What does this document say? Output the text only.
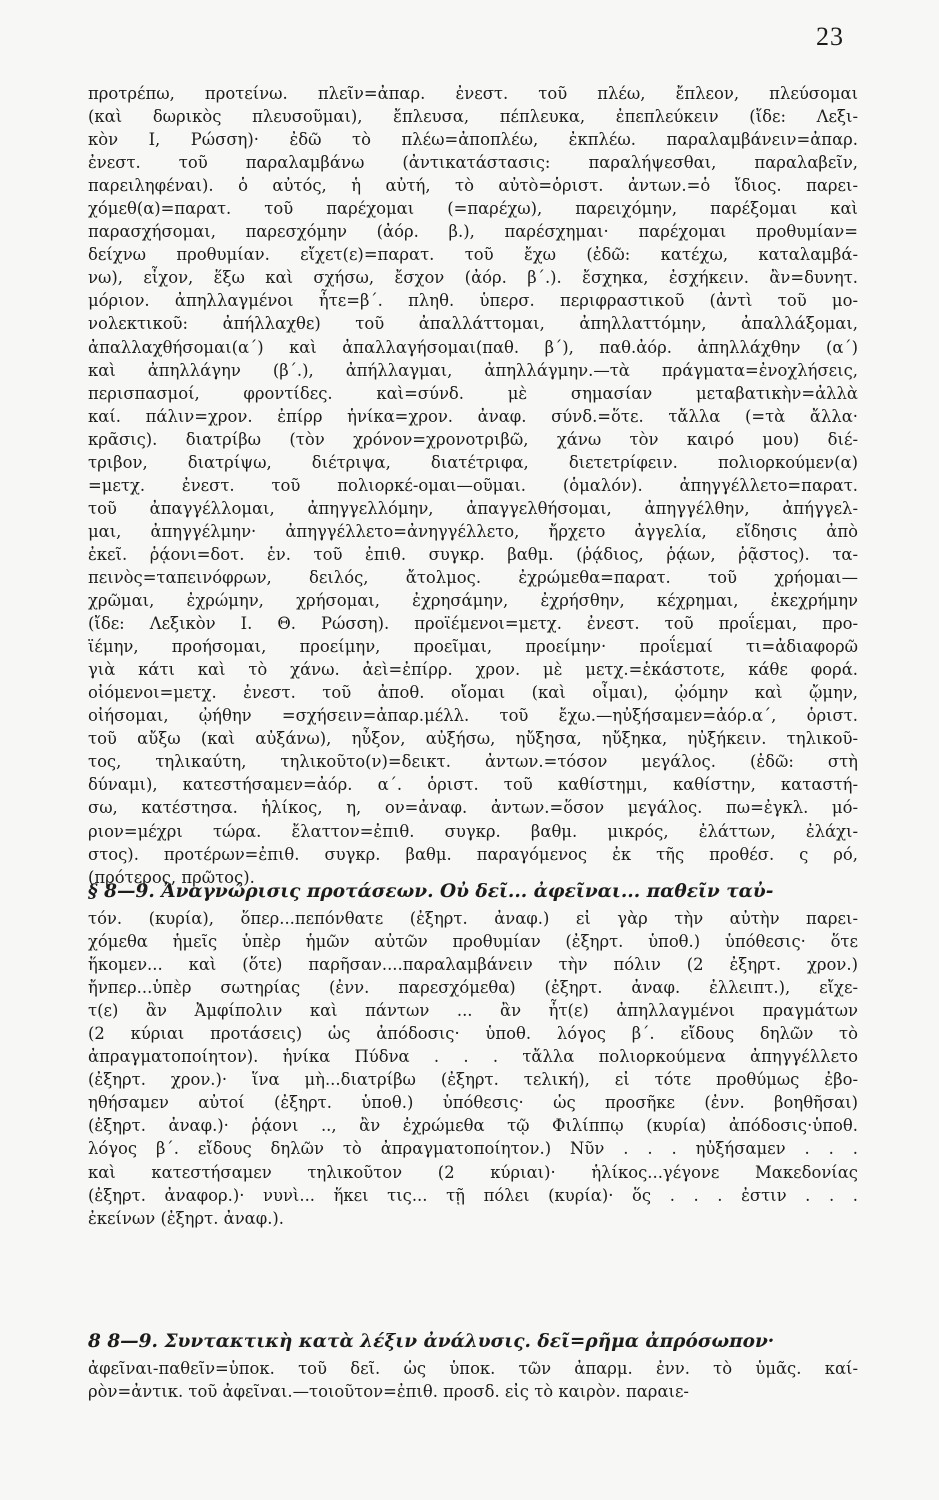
23
προτρέπω, προτείνω. πλεῖν=ἀπαρ. ἐνεστ. τοῦ πλέω, ἔπλεον, πλεύσομαι
(καὶ δωρικὸς πλευσοῦμαι), ἔπλευσα, πέπλευκα, ἐπεπλεύκειν (ἴδε: Λεξι-
κὸν Ι, Ρώσση)· ἐδῶ τὸ πλέω=ἀποπλέω, ἐκπλέω. παραλαμβάνειν=ἀπαρ.
ἐνεστ. τοῦ παραλαμβάνω (ἀντικατάστασις: παραλήψεσθαι, παραλαβεῖν,
παρειληφέναι). ὁ αὐτός, ἡ αὐτή, τὸ αὐτὸ=ὁριστ. ἀντων.=ὁ ἴδιος. παρει-
χόμεθ(α)=παρατ. τοῦ παρέχομαι (=παρέχω), παρειχόμην, παρέξομαι καὶ
παρασχήσομαι, παρεσχόμην (ἀόρ. β.), παρέσχημαι· παρέχομαι προθυμίαν=
δείχνω προθυμίαν. εἴχετ(ε)=παρατ. τοῦ ἔχω (ἐδῶ: κατέχω, καταλαμβά-
νω), εἶχον, ἕξω καὶ σχήσω, ἔσχον (ἀόρ. β΄.). ἔσχηκα, ἐσχήκειν. ἂν=δυνητ.
μόριον. ἀπηλλαγμένοι ἦτε=β΄. πληθ. ὑπερσ. περιφραστικοῦ (ἀντὶ τοῦ μο-
νολεκτικοῦ: ἀπήλλαχθε) τοῦ ἀπαλλάττομαι, ἀπηλλαττόμην, ἀπαλλάξομαι,
ἀπαλλαχθήσομαι(α΄) καὶ ἀπαλλαγήσομαι(παθ. β΄), παθ.ἀόρ. ἀπηλλάχθην (α΄)
καὶ ἀπηλλάγην (β΄.), ἀπήλλαγμαι, ἀπηλλάγμην.—τὰ πράγματα=ἐνοχλήσεις,
περισπασμοί, φροντίδες. καὶ=σύνδ. μὲ σημασίαν μεταβατικὴν=ἀλλὰ
καί. πάλιν=χρον. ἐπίρρ ἡνίκα=χρον. ἀναφ. σύνδ.=ὅτε. τἄλλα (=τὰ ἄλλα·
κρᾶσις). διατρίβω (τὸν χρόνον=χρονοτριβῶ, χάνω τὸν καιρό μου) διέ-
τριβον, διατρίψω, διέτριψα, διατέτριφα, διετετρίφειν. πολιορκούμεν(α)
=μετχ. ἐνεστ. τοῦ πολιορκέ-ομαι—οῦμαι. (ὁμαλόν). ἀπηγγέλλετο=παρατ.
τοῦ ἀπαγγέλλομαι, ἀπηγγελλόμην, ἀπαγγελθήσομαι, ἀπηγγέλθην, ἀπήγγελ-
μαι, ἀπηγγέλμην· ἀπηγγέλλετο=ἀνηγγέλλετο, ἤρχετο ἀγγελία, εἴδησις ἀπὸ
ἐκεῖ. ῥᾴονι=δοτ. ἑν. τοῦ ἐπιθ. συγκρ. βαθμ. (ῥᾴδιος, ῥᾴων, ῥᾷστος). τα-
πεινὸς=ταπεινόφρων, δειλός, ἄτολμος. ἐχρώμεθα=παρατ. τοῦ χρήομαι—
χρῶμαι, ἐχρώμην, χρήσομαι, ἐχρησάμην, ἐχρήσθην, κέχρημαι, ἐκεχρήμην
(ἴδε: Λεξικὸν Ι. Θ. Ρώσση). προϊέμενοι=μετχ. ἐνεστ. τοῦ προΐεμαι, προ-
ϊέμην, προήσομαι, προείμην, προεῖμαι, προείμην· προΐεμαί τι=ἀδιαφορῶ
γιὰ κάτι καὶ τὸ χάνω. ἀεὶ=ἐπίρρ. χρον. μὲ μετχ.=ἑκάστοτε, κάθε φορά.
οἰόμενοι=μετχ. ἐνεστ. τοῦ ἀποθ. οἴομαι (καὶ οἶμαι), ᾠόμην καὶ ᾤμην,
οἰήσομαι, ᾠήθην =σχήσειν=ἀπαρ.μέλλ. τοῦ ἔχω.—ηὐξήσαμεν=ἀόρ.α΄, ὁριστ.
τοῦ αὔξω (καὶ αὐξάνω), ηὖξον, αὐξήσω, ηὔξησα, ηὔξηκα, ηὐξήκειν. τηλικοῦ-
τος, τηλικαύτη, τηλικοῦτο(ν)=δεικτ. ἀντων.=τόσον μεγάλος. (ἐδῶ: στὴ
δύναμι), κατεστήσαμεν=ἀόρ. α΄. ὁριστ. τοῦ καθίστημι, καθίστην, καταστή-
σω, κατέστησα. ἡλίκος, η, ον=ἀναφ. ἀντων.=ὅσον μεγάλος. πω=ἐγκλ. μό-
ριον=μέχρι τώρα. ἔλαττον=ἐπιθ. συγκρ. βαθμ. μικρός, ἐλάττων, ἐλάχι-
στος). προτέρων=ἐπιθ. συγκρ. βαθμ. παραγόμενος ἐκ τῆς προθέσ. ς ρό,
(πρότερος, πρῶτος).
§ 8—9. Ἀναγνώρισις προτάσεων. Οὐ δεῖ... ἀφεῖναι... παθεῖν ταὐ-
τόν. (κυρία), ὅπερ...πεπόνθατε (ἐξηρτ. ἀναφ.) εἰ γὰρ τὴν αὐτὴν παρει-
χόμεθα ἡμεῖς ὑπὲρ ἡμῶν αὐτῶν προθυμίαν (ἐξηρτ. ὑποθ.) ὑπόθεσις· ὅτε
ἥκομεν... καὶ (ὅτε) παρῆσαν....παραλαμβάνειν τὴν πόλιν (2 ἐξηρτ. χρον.)
ἤνπερ...ὑπὲρ σωτηρίας (ἐνν. παρεσχόμεθα) (ἐξηρτ. ἀναφ. ἐλλειπτ.), εἴχε-
τ(ε) ἂν Ἀμφίπολιν καὶ πάντων ... ἂν ἦτ(ε) ἀπηλλαγμένοι πραγμάτων
(2 κύριαι προτάσεις) ὡς ἀπόδοσις· ὑποθ. λόγος β΄. εἴδους δηλῶν τὸ
ἀπραγματοποίητον). ἡνίκα Πύδνα . . . τἄλλα πολιορκούμενα ἀπηγγέλλετο
(ἐξηρτ. χρον.)· ἵνα μὴ...διατρίβω (ἐξηρτ. τελική), εἰ τότε προθύμως ἐβο-
ηθήσαμεν αὐτοί (ἐξηρτ. ὑποθ.) ὑπόθεσις· ὡς προσῆκε (ἐνν. βοηθῆσαι)
(ἐξηρτ. ἀναφ.)· ῥᾴονι .., ἂν ἐχρώμεθα τῷ Φιλίππῳ (κυρία) ἀπόδοσις·ὑποθ.
λόγος β΄. εἴδους δηλῶν τὸ ἀπραγματοποίητον.) Νῦν . . . ηὐξήσαμεν . . .
καὶ κατεστήσαμεν τηλικοῦτον (2 κύριαι)· ἡλίκος...γέγονε Μακεδονίας
(ἐξηρτ. ἀναφορ.)· νυνὶ... ἥκει τις... τῇ πόλει (κυρία)· ὅς . . . ἐστιν . . .
ἐκείνων (ἐξηρτ. ἀναφ.).
8 8—9. Συντακτικὴ κατὰ λέξιν ἀνάλυσις. δεῖ=ρῆμα ἀπρόσωπον·
ἀφεῖναι-παθεῖν=ὑποκ. τοῦ δεῖ. ὡς ὑποκ. τῶν ἀπαρμ. ἐνν. τὸ ὑμᾶς. καί-
ρὸν=ἀντικ. τοῦ ἀφεῖναι.—τοιοῦτον=ἐπιθ. προσδ. εἰς τὸ καιρὸν. παραιε-
